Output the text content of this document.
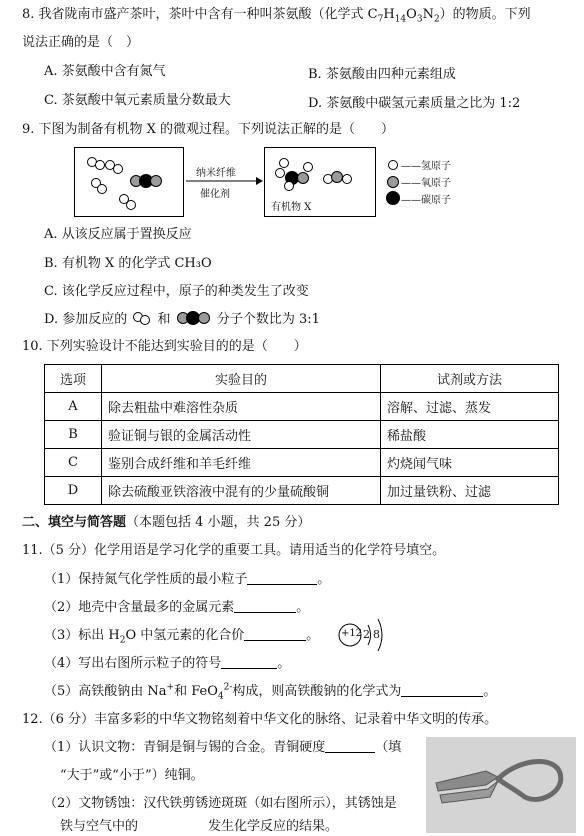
8. 我省陇南市盛产茶叶，茶叶中含有一种叫茶氨酸（化学式 $C_7H_{14}O_3N_2$）的物质。下列
说法正确的是（　）
A. 茶氨酸中含有氮气	B. 茶氨酸由四种元素组成
C. 茶氨酸中氧元素质量分数最大	D. 茶氨酸中碳氢元素质量之比为 1:2
9. 下图为制备有机物 X 的微观过程。下列说法正解的是（　　）
纳米纤维
催化剂
有机物 X
——氢原子
——氧原子
——碳原子
A. 从该反应属于置换反应
B. 有机物 X 的化学式 CH₃O
C. 该化学反应过程中，原子的种类发生了改变
D. 参加反应的 和	分子个数比为 3:1
10. 下列实验设计不能达到实验目的的是（　　）
选项	实验目的	试剂或方法
A	除去粗盐中难溶性杂质	溶解、过滤、蒸发
B	验证铜与银的金属活动性	稀盐酸
C	鉴别合成纤维和羊毛纤维	灼烧闻气味
D	除去硫酸亚铁溶液中混有的少量硫酸铜	加过量铁粉、过滤
二、填空与简答题（本题包括 4 小题，共 25 分）
11.（5 分）化学用语是学习化学的重要工具。请用适当的化学符号填空。
（1）保持氮气化学性质的最小粒子	。
（2）地壳中含量最多的金属元素	。
（3）标出 $H_2O$ 中氢元素的化合价	。
（4）写出右图所示粒子的符号	。
（5）高铁酸钠由 Na+和 FeO$_4^{2-}$构成，则高铁酸钠的化学式为	。
+12 2 8
12.（6 分）丰富多彩的中华文物铭刻着中华文化的脉络、记录着中华文明的传承。
（1）认识文物：青铜是铜与锡的合金。青铜硬度	（填
“大于”或“小于”）纯铜。
（2）文物锈蚀：汉代铁剪锈迹斑斑（如右图所示），其锈蚀是
铁与空气中的	发生化学反应的结果。
